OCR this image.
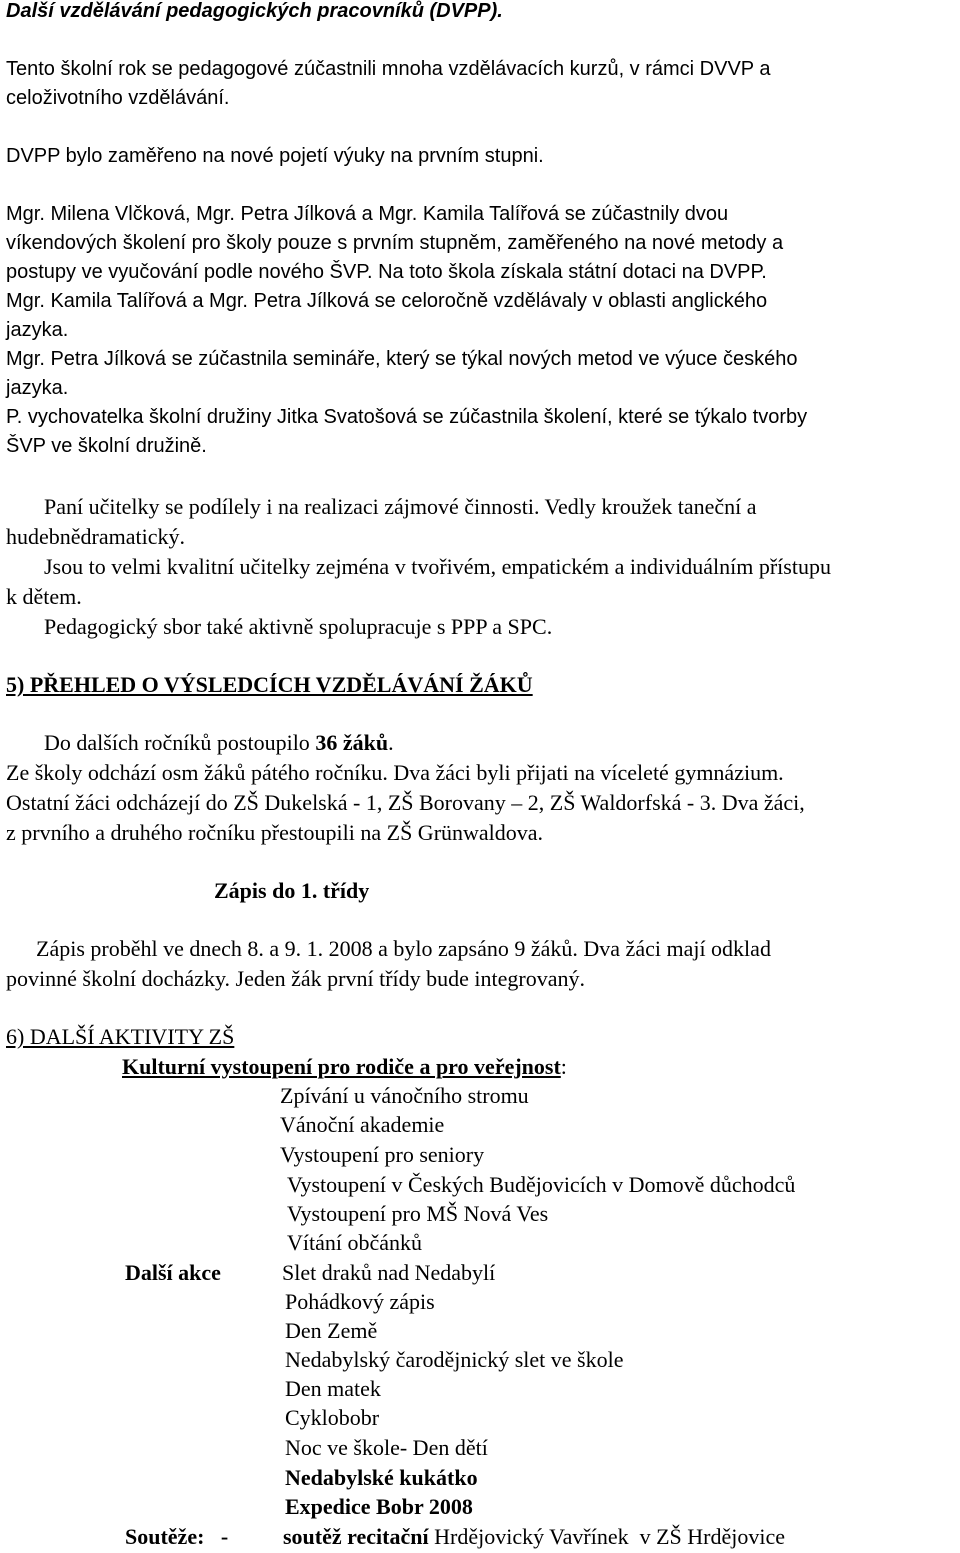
Další vzdělávání pedagogických pracovníků (DVPP).

Tento školní rok se pedagogové zúčastnili mnoha vzdělávacích kurzů, v rámci DVVP a

celoživotního vzdělávání.

DVPP bylo zaměřeno na nové pojetí výuky na prvním stupni.

Mgr. Milena Vlčková, Mgr. Petra Jílková a Mgr. Kamila Talířová se zúčastnily dvou

víkendových školení pro školy pouze s prvním stupněm, zaměřeného na nové metody a

postupy ve vyučování podle nového ŠVP. Na toto škola získala státní dotaci na DVPP.

Mgr. Kamila Talířová a Mgr. Petra Jílková se celoročně vzdělávaly v oblasti anglického

jazyka.

Mgr. Petra Jílková se zúčastnila semináře, který se týkal nových metod ve výuce českého

jazyka.

P. vychovatelka školní družiny Jitka Svatošová se zúčastnila školení, které se týkalo tvorby

ŠVP ve školní družině.

Paní učitelky se podílely i na realizaci zájmové činnosti. Vedly kroužek taneční a

hudebnědramatický.

Jsou to velmi kvalitní učitelky zejména v tvořivém, empatickém a individuálním přístupu

k dětem.

Pedagogický sbor také aktivně spolupracuje s PPP a SPC.

5) PŘEHLED O VÝSLEDCÍCH VZDĚLÁVÁNÍ ŽÁKŮ

Do dalších ročníků postoupilo 36 žáků.

Ze školy odchází osm žáků pátého ročníku. Dva žáci byli přijati na víceleté gymnázium.

Ostatní žáci odcházejí do ZŠ Dukelská - 1, ZŠ Borovany – 2, ZŠ Waldorfská - 3. Dva žáci,

z prvního a druhého ročníku přestoupili na ZŠ Grünwaldova.

Zápis do 1. třídy

Zápis proběhl ve dnech 8. a 9. 1. 2008 a bylo zapsáno 9 žáků. Dva žáci mají odklad

povinné školní docházky. Jeden žák první třídy bude integrovaný.

6) DALŠÍ AKTIVITY ZŠ

Kulturní vystoupení pro rodiče a pro veřejnost:

Zpívání u vánočního stromu

Vánoční akademie

Vystoupení pro seniory

Vystoupení v Českých Budějovicích v Domově důchodců

Vystoupení pro MŠ Nová Ves

Vítání občánků

Další akce	Slet draků nad Nedabylí

Pohádkový zápis

Den Země

Nedabylský čarodějnický slet ve škole

Den matek

Cyklobobr

Noc ve škole- Den dětí

Nedabylské kukátko

Expedice Bobr 2008

Soutěže:   - soutěž recitační Hrdějovický Vavřínek  v ZŠ Hrdějovice
